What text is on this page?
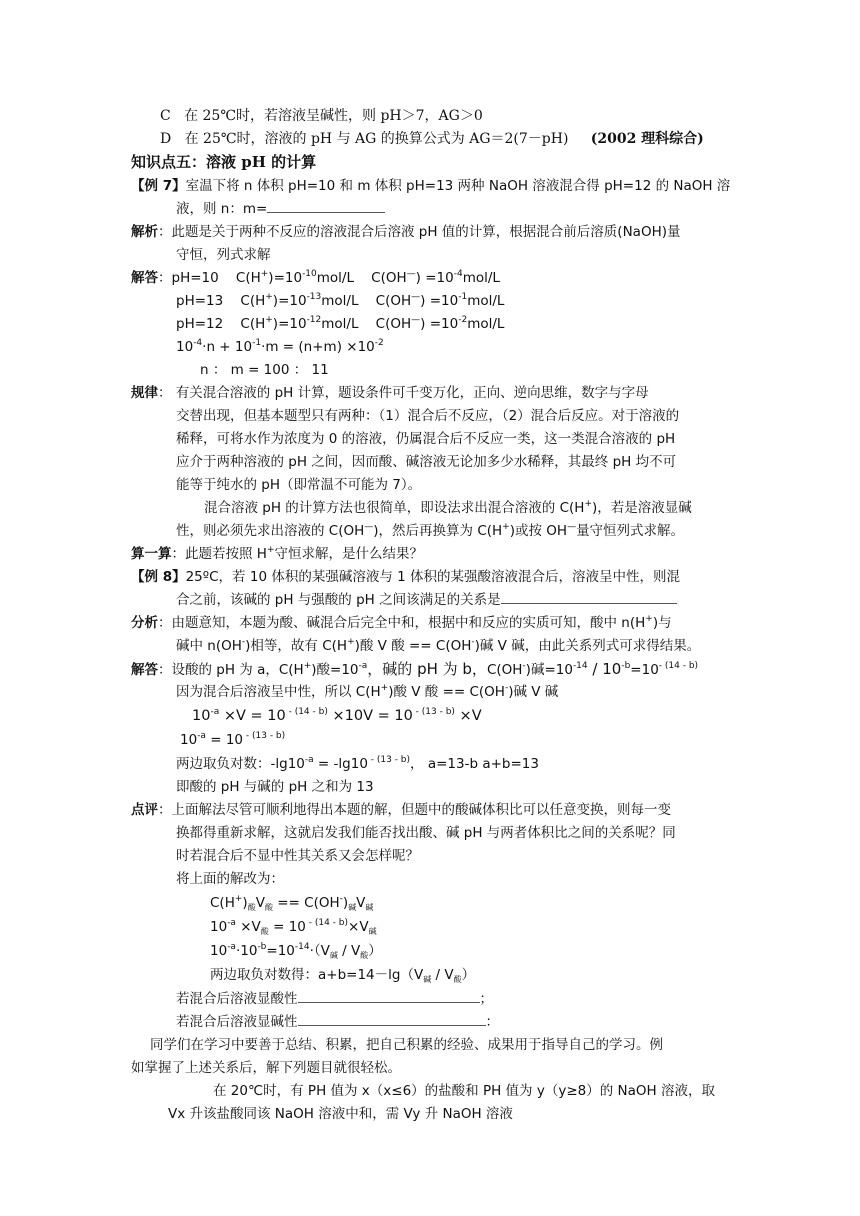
C 在 25℃时，若溶液呈碱性，则 pH＞7，AG＞0
D 在 25℃时，溶液的 pH 与 AG 的换算公式为 AG＝2(7－pH) (2002 理科综合)
知识点五：溶液 pH 的计算
【例 7】室温下将 n 体积 pH=10 和 m 体积 pH=13 两种 NaOH 溶液混合得 pH=12 的 NaOH 溶
液，则 n：m=
解析：此题是关于两种不反应的溶液混合后溶液 pH 值的计算，根据混合前后溶质(NaOH)量
守恒，列式求解
解答：pH=10 $C(H^+)=10^{-10}mol/L$ $C(OH^—) =10^{-4}mol/L$
pH=13 $C(H^+)=10^{-13}mol/L$ $C(OH^—) =10^{-1}mol/L$
pH=12 $C(H^+)=10^{-12}mol/L$ $C(OH^—) =10^{-2}mol/L$
$10^{-4}\cdot n + 10^{-1}\cdot m = (n+m) \times 10^{-2}$
n ： m = 100 ： 11
规律： 有关混合溶液的 pH 计算，题设条件可千变万化，正向、逆向思维，数字与字母
交替出现，但基本题型只有两种：（1）混合后不反应，（2）混合后反应。对于溶液的
稀释，可将水作为浓度为 0 的溶液，仍属混合后不反应一类，这一类混合溶液的 pH
应介于两种溶液的 pH 之间，因而酸、碱溶液无论加多少水稀释，其最终 pH 均不可
能等于纯水的 pH（即常温不可能为 7）。
混合溶液 pH 的计算方法也很简单，即设法求出混合溶液的 C(H+)，若是溶液显碱
性，则必须先求出溶液的 C(OH—)，然后再换算为 C(H+)或按 OH—量守恒列式求解。
算一算：此题若按照 H+守恒求解，是什么结果？
【例 8】25ºC，若 10 体积的某强碱溶液与 1 体积的某强酸溶液混合后，溶液呈中性，则混
合之前，该碱的 pH 与强酸的 pH 之间该满足的关系是
分析：由题意知，本题为酸、碱混合后完全中和，根据中和反应的实质可知，酸中 n(H+)与
碱中 n(OH-)相等，故有 C(H+)酸 V 酸 == C(OH-)碱 V 碱，由此关系列式可求得结果。
解答：设酸的 pH 为 a，C(H+)酸$=10^{-a}$，碱的 pH 为 b，C(OH-)碱$=10^{-14} / 10^{-b}=10^{- (14 - b)}$
因为混合后溶液呈中性，所以 C(H+)酸 V 酸 == C(OH-)碱 V 碱
$10^{-a} \times V = 10$ $^{- (14 - b)}$ ×10V = 10 $^{- (13 - b)}$ ×V
$10^{-a} = 10$ $^{- (13 - b)}$
两边取负对数：$-\lg 10^{-a} = -\lg 10$ $^{- (13 - b)}$， a=13-b a+b=13
即酸的 pH 与碱的 pH 之和为 13
点评：上面解法尽管可顺利地得出本题的解，但题中的酸碱体积比可以任意变换，则每一变
换都得重新求解，这就启发我们能否找出酸、碱 pH 与两者体积比之间的关系呢？同
时若混合后不显中性其关系又会怎样呢？
将上面的解改为：
$C(H^+)_酸V_酸 == C(OH^-)_碱V_碱$
$10^{-a} \times V_酸 = 10$ $^{- (14 - b)}\times V_碱$
$10^{-a}\cdot 10^{-b}=10^{-14}\cdot(V_碱 / V_酸)$
两边取负对数得：$a+b=14-\lg(V_碱 / V_酸)$
若混合后溶液显酸性	；
若混合后溶液显碱性	：
同学们在学习中要善于总结、积累，把自己积累的经验、成果用于指导自己的学习。例
如掌握了上述关系后，解下列题目就很轻松。
在 20℃时，有 PH 值为 x（x≤6）的盐酸和 PH 值为 y（y≥8）的 NaOH 溶液，取
Vx 升该盐酸同该 NaOH 溶液中和，需 Vy 升 NaOH 溶液
